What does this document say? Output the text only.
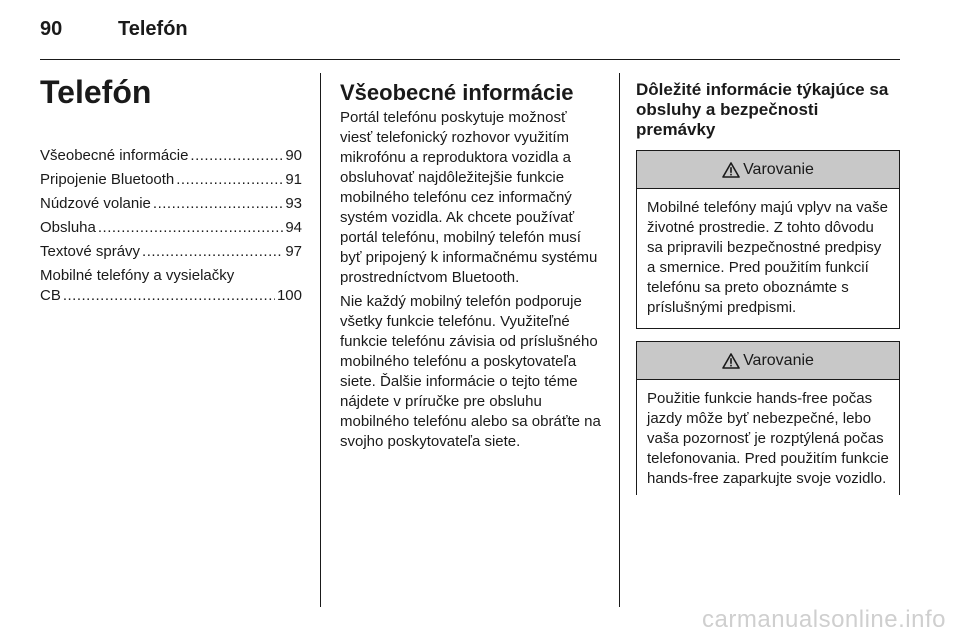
90	Telefón
Telefón
Všeobecné informácie .....	90
Pripojenie Bluetooth .....	91
Núdzové volanie .....	93
Obsluha .....	94
Textové správy .....	97
Mobilné telefóny a vysielačky
CB .....	100
Všeobecné informácie

Portál telefónu poskytuje možnosť viesť telefonický rozhovor využitím mikrofónu a reproduktora vozidla a obsluhovať najdôležitejšie funkcie mobilného telefónu cez informačný systém vozidla. Ak chcete používať portál telefónu, mobilný telefón musí byť pripojený k informačnému systému prostredníctvom Bluetooth.

Nie každý mobilný telefón podporuje všetky funkcie telefónu. Využiteľné funkcie telefónu závisia od príslušného mobilného telefónu a poskytovateľa siete. Ďalšie informácie o tejto téme nájdete v príručke pre obsluhu mobilného telefónu alebo sa obráťte na svojho poskytovateľa siete.

Dôležité informácie týkajúce sa obsluhy a bezpečnosti premávky
Varovanie
Mobilné telefóny majú vplyv na vaše životné prostredie. Z tohto dôvodu sa pripravili bezpečnostné predpisy a smernice. Pred použitím funkcií telefónu sa preto oboznámte s príslušnými predpismi.
Varovanie
Použitie funkcie hands-free počas jazdy môže byť nebezpečné, lebo vaša pozornosť je rozptýlená počas telefonovania. Pred použitím funkcie hands-free zaparkujte svoje vozidlo.
carmanualsonline.info
